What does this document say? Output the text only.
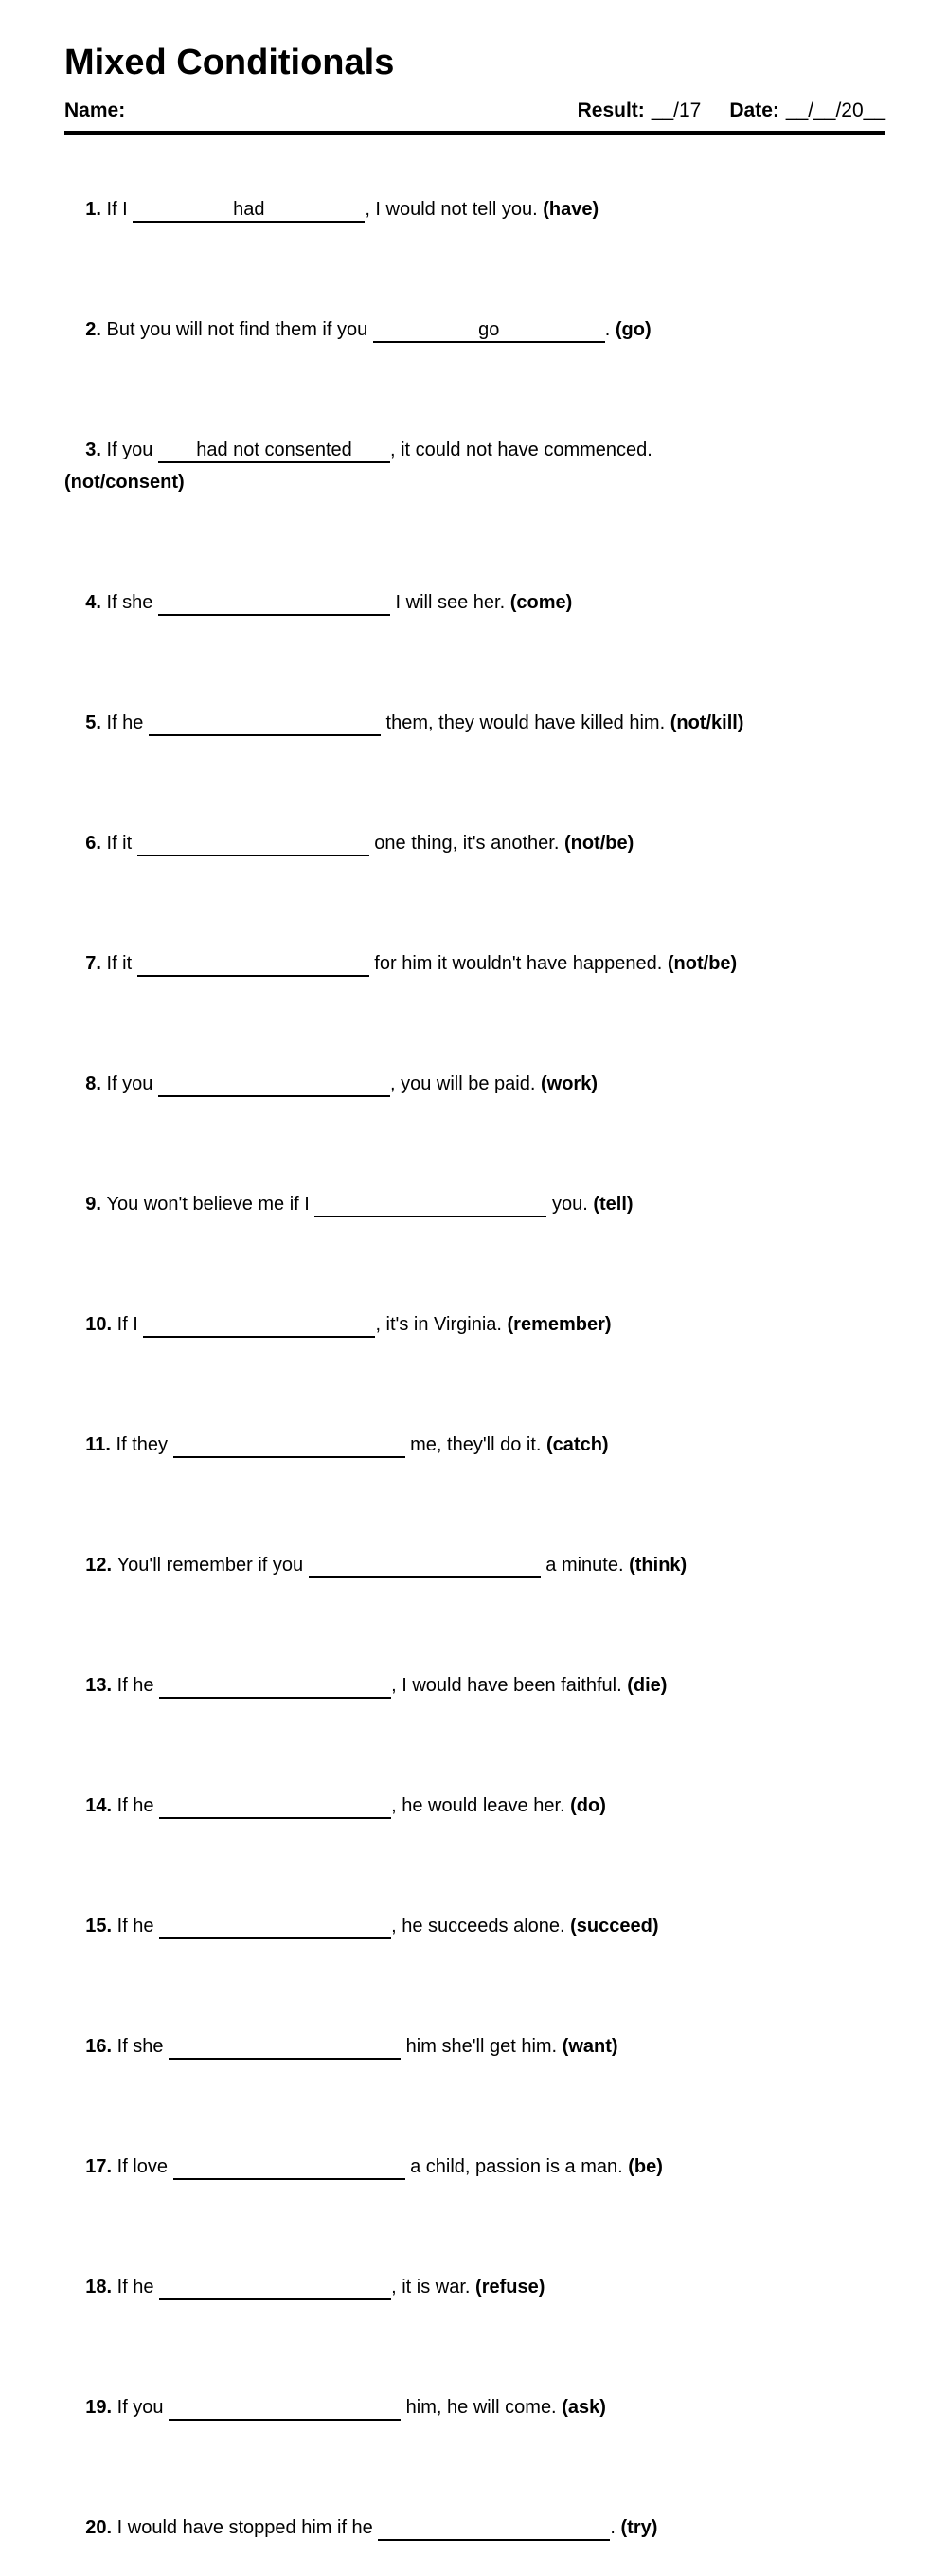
Mixed Conditionals
Name:	Result: __/17 Date: __/__/20__

1. If I	had	, I would not tell you. (have)

2. But you will not find them if you	go	. (go)

3. If you had not consented , it could not have commenced.
(not/consent)

4. If she	I will see her. (come)

5. If he	them, they would have killed him. (not/kill)

6. If it	one thing, it's another. (not/be)

7. If it	for him it wouldn't have happened. (not/be)

8. If you	, you will be paid. (work)

9. You won't believe me if I	you. (tell)

10. If I	, it's in Virginia. (remember)

11. If they	me, they'll do it. (catch)

12. You'll remember if you	a minute. (think)

13. If he	, I would have been faithful. (die)

14. If he	, he would leave her. (do)

15. If he	, he succeeds alone. (succeed)

16. If she	him she'll get him. (want)

17. If love	a child, passion is a man. (be)

18. If he	, it is war. (refuse)

19. If you	him, he will come. (ask)

20. I would have stopped him if he	. (try)
